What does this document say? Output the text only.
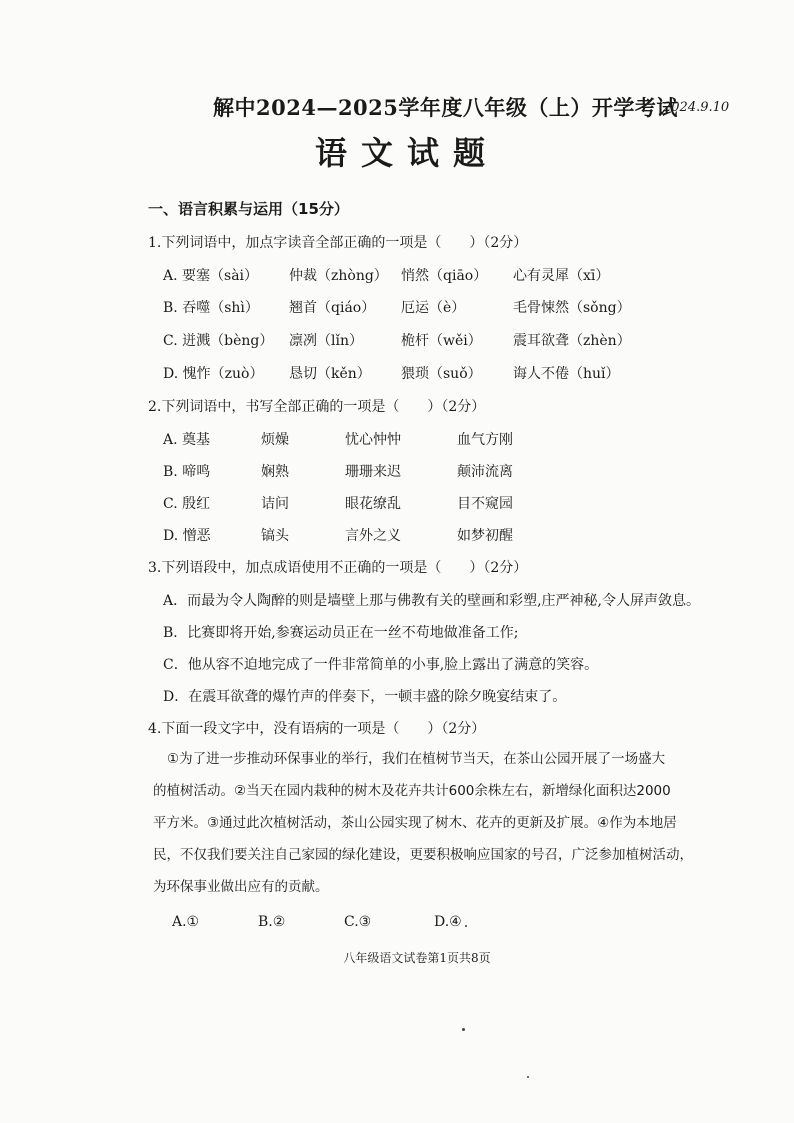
解中2024—2025学年度八年级（上）开学考试
2024.9.10
语文试题
一、语言积累与运用（15分）
1.下列词语中，加点字读音全部正确的一项是（　　）（2分）
A. 要塞（sài） 仲裁（zhòng） 悄然（qiāo） 心有灵犀（xī）
B. 吞噬（shì） 翘首（qiáo） 厄运（è）	毛骨悚然（sǒng）
C. 迸溅（bèng） 凛冽（lǐn）	桅杆（wěi） 震耳欲聋（zhèn）
D. 愧怍（zuò） 恳切（kěn） 猥琐（suǒ） 诲人不倦（huǐ）
2.下列词语中，书写全部正确的一项是（　　）（2分）
A. 奠基	烦燥	忧心忡忡	血气方刚
B. 啼鸣	娴熟	珊珊来迟	颠沛流离
C. 殷红	诘问	眼花缭乱	目不窥园
D. 憎恶	镐头	言外之义	如梦初醒
3.下列语段中，加点成语使用不正确的一项是（　　）（2分）
A．而最为令人陶醉的则是墙壁上那与佛教有关的壁画和彩塑,庄严神秘,令人屏声敛息。
B．比赛即将开始,参赛运动员正在一丝不苟地做准备工作;
C．他从容不迫地完成了一件非常简单的小事,脸上露出了满意的笑容。
D．在震耳欲聋的爆竹声的伴奏下，一顿丰盛的除夕晚宴结束了。
4.下面一段文字中，没有语病的一项是（　　）（2分）
①为了进一步推动环保事业的举行，我们在植树节当天，在茶山公园开展了一场盛大
的植树活动。②当天在园内栽种的树木及花卉共计600余株左右，新增绿化面积达2000
平方米。③通过此次植树活动，茶山公园实现了树木、花卉的更新及扩展。④作为本地居
民，不仅我们要关注自己家园的绿化建设，更要积极响应国家的号召，广泛参加植树活动，
为环保事业做出应有的贡献。
A.①	B.②	C.③	D.④
八年级语文试卷第1页共8页
